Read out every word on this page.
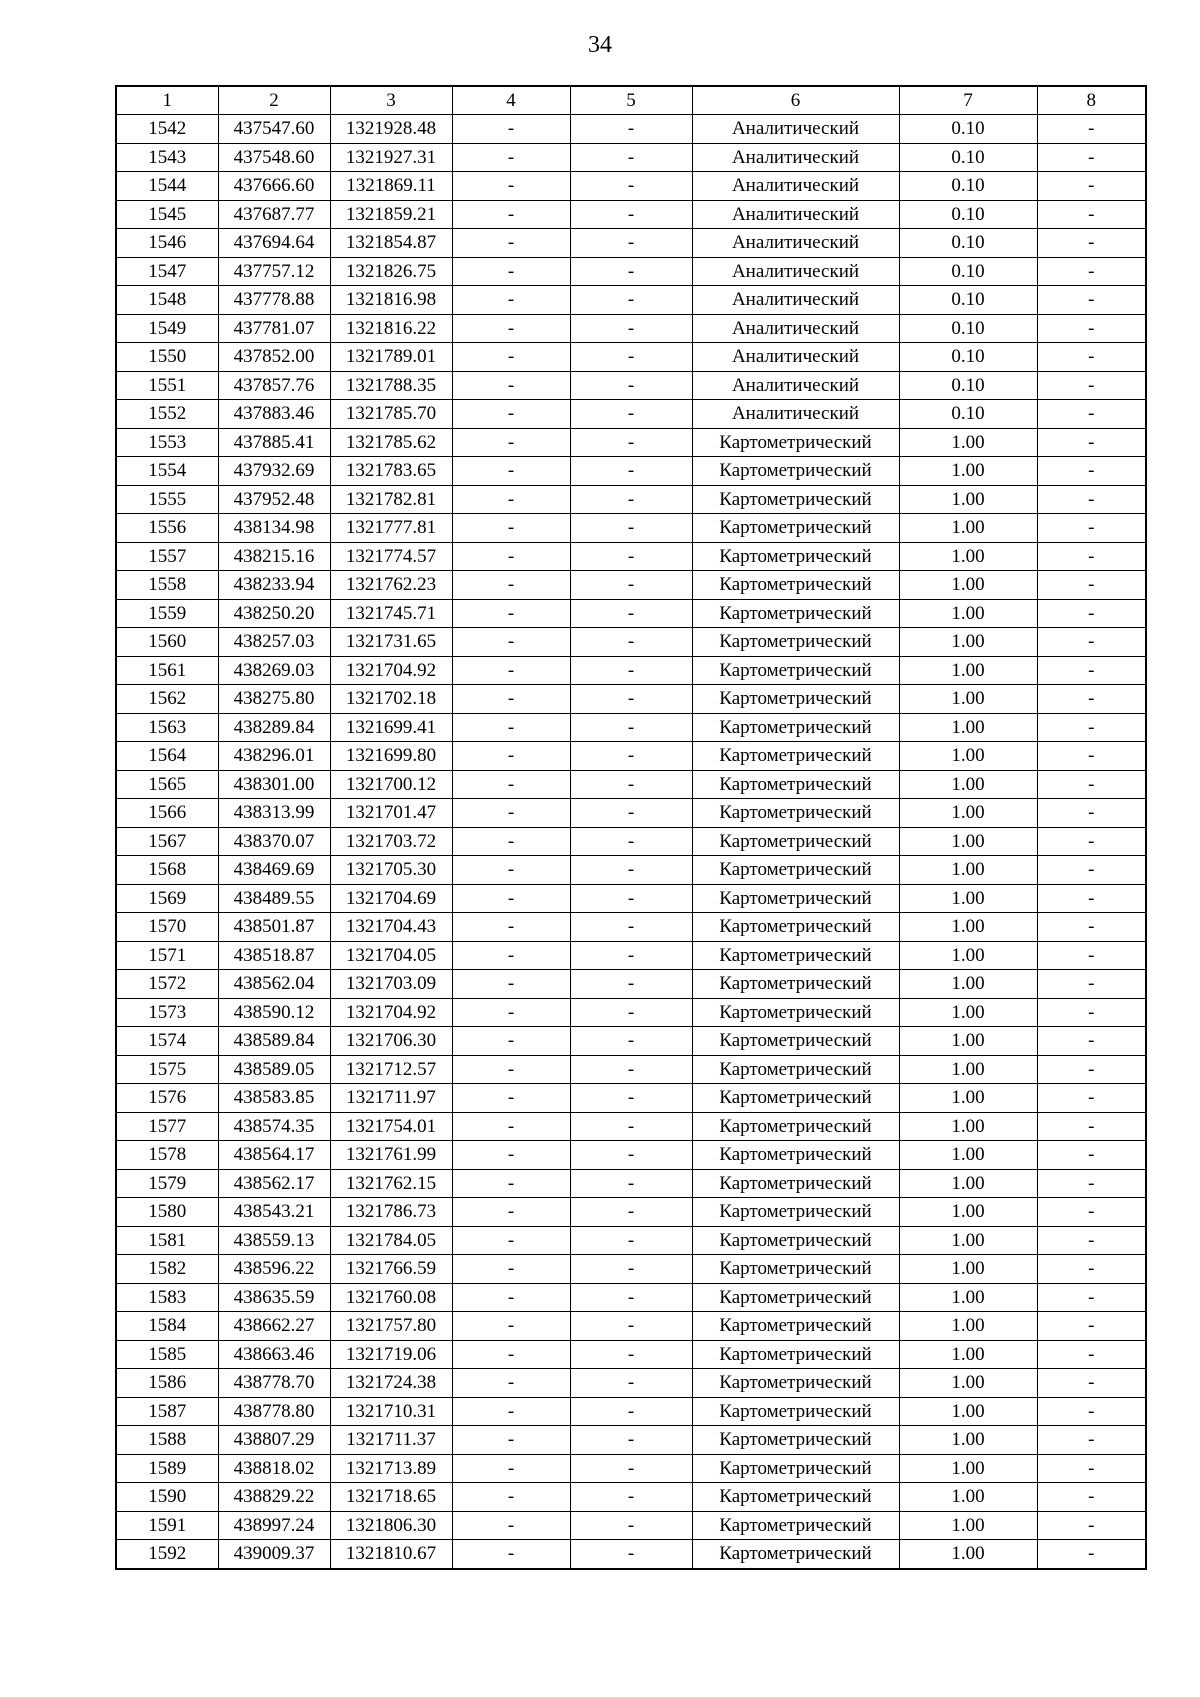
34
1	2	3	4	5	6	7	8
1542	437547.60	1321928.48	-	-	Аналитический	0.10	-
1543	437548.60	1321927.31	-	-	Аналитический	0.10	-
1544	437666.60	1321869.11	-	-	Аналитический	0.10	-
1545	437687.77	1321859.21	-	-	Аналитический	0.10	-
1546	437694.64	1321854.87	-	-	Аналитический	0.10	-
1547	437757.12	1321826.75	-	-	Аналитический	0.10	-
1548	437778.88	1321816.98	-	-	Аналитический	0.10	-
1549	437781.07	1321816.22	-	-	Аналитический	0.10	-
1550	437852.00	1321789.01	-	-	Аналитический	0.10	-
1551	437857.76	1321788.35	-	-	Аналитический	0.10	-
1552	437883.46	1321785.70	-	-	Аналитический	0.10	-
1553	437885.41	1321785.62	-	-	Картометрический	1.00	-
1554	437932.69	1321783.65	-	-	Картометрический	1.00	-
1555	437952.48	1321782.81	-	-	Картометрический	1.00	-
1556	438134.98	1321777.81	-	-	Картометрический	1.00	-
1557	438215.16	1321774.57	-	-	Картометрический	1.00	-
1558	438233.94	1321762.23	-	-	Картометрический	1.00	-
1559	438250.20	1321745.71	-	-	Картометрический	1.00	-
1560	438257.03	1321731.65	-	-	Картометрический	1.00	-
1561	438269.03	1321704.92	-	-	Картометрический	1.00	-
1562	438275.80	1321702.18	-	-	Картометрический	1.00	-
1563	438289.84	1321699.41	-	-	Картометрический	1.00	-
1564	438296.01	1321699.80	-	-	Картометрический	1.00	-
1565	438301.00	1321700.12	-	-	Картометрический	1.00	-
1566	438313.99	1321701.47	-	-	Картометрический	1.00	-
1567	438370.07	1321703.72	-	-	Картометрический	1.00	-
1568	438469.69	1321705.30	-	-	Картометрический	1.00	-
1569	438489.55	1321704.69	-	-	Картометрический	1.00	-
1570	438501.87	1321704.43	-	-	Картометрический	1.00	-
1571	438518.87	1321704.05	-	-	Картометрический	1.00	-
1572	438562.04	1321703.09	-	-	Картометрический	1.00	-
1573	438590.12	1321704.92	-	-	Картометрический	1.00	-
1574	438589.84	1321706.30	-	-	Картометрический	1.00	-
1575	438589.05	1321712.57	-	-	Картометрический	1.00	-
1576	438583.85	1321711.97	-	-	Картометрический	1.00	-
1577	438574.35	1321754.01	-	-	Картометрический	1.00	-
1578	438564.17	1321761.99	-	-	Картометрический	1.00	-
1579	438562.17	1321762.15	-	-	Картометрический	1.00	-
1580	438543.21	1321786.73	-	-	Картометрический	1.00	-
1581	438559.13	1321784.05	-	-	Картометрический	1.00	-
1582	438596.22	1321766.59	-	-	Картометрический	1.00	-
1583	438635.59	1321760.08	-	-	Картометрический	1.00	-
1584	438662.27	1321757.80	-	-	Картометрический	1.00	-
1585	438663.46	1321719.06	-	-	Картометрический	1.00	-
1586	438778.70	1321724.38	-	-	Картометрический	1.00	-
1587	438778.80	1321710.31	-	-	Картометрический	1.00	-
1588	438807.29	1321711.37	-	-	Картометрический	1.00	-
1589	438818.02	1321713.89	-	-	Картометрический	1.00	-
1590	438829.22	1321718.65	-	-	Картометрический	1.00	-
1591	438997.24	1321806.30	-	-	Картометрический	1.00	-
1592	439009.37	1321810.67	-	-	Картометрический	1.00	-
